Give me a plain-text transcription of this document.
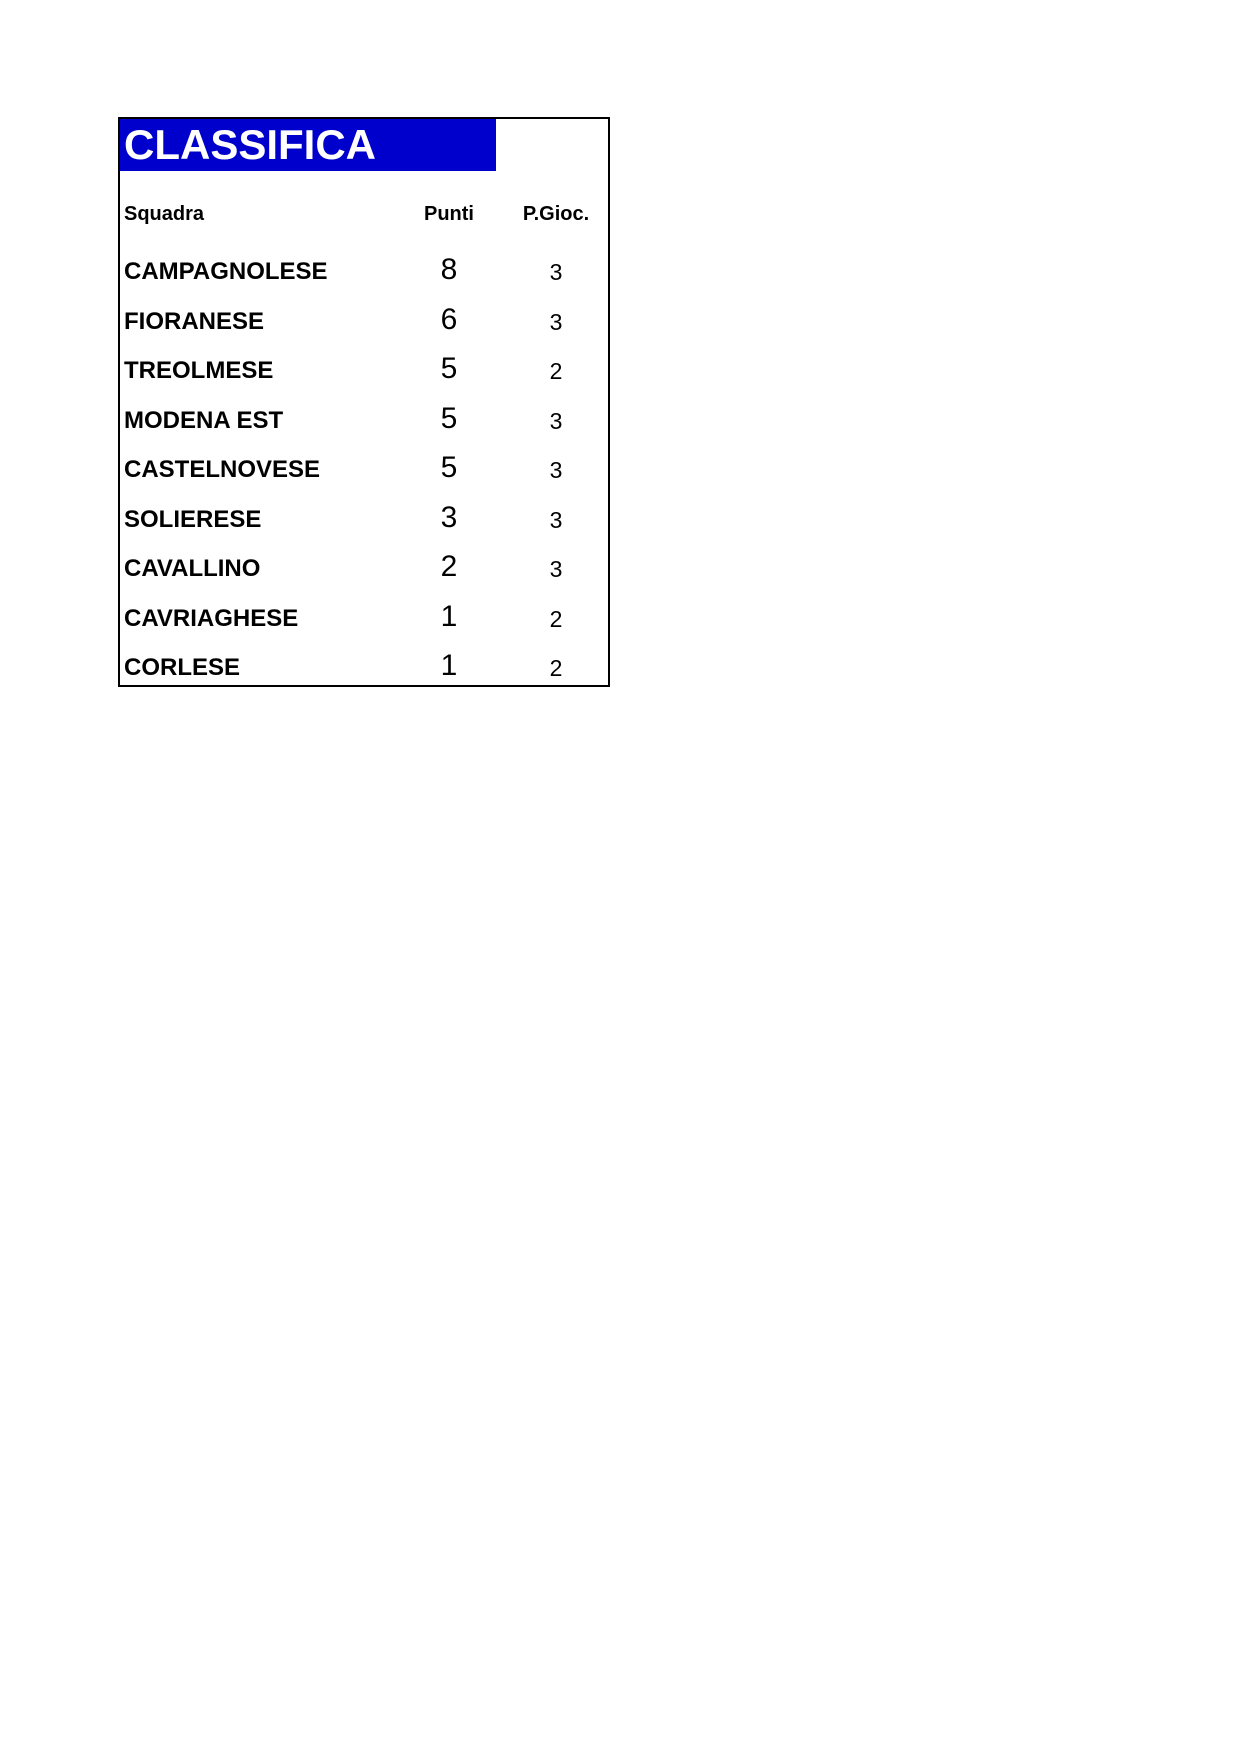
CLASSIFICA
Squadra	Punti	P.Gioc.
CAMPAGNOLESE	8	3
FIORANESE	6	3
TREOLMESE	5	2
MODENA EST	5	3
CASTELNOVESE	5	3
SOLIERESE	3	3
CAVALLINO	2	3
CAVRIAGHESE	1	2
CORLESE	1	2
